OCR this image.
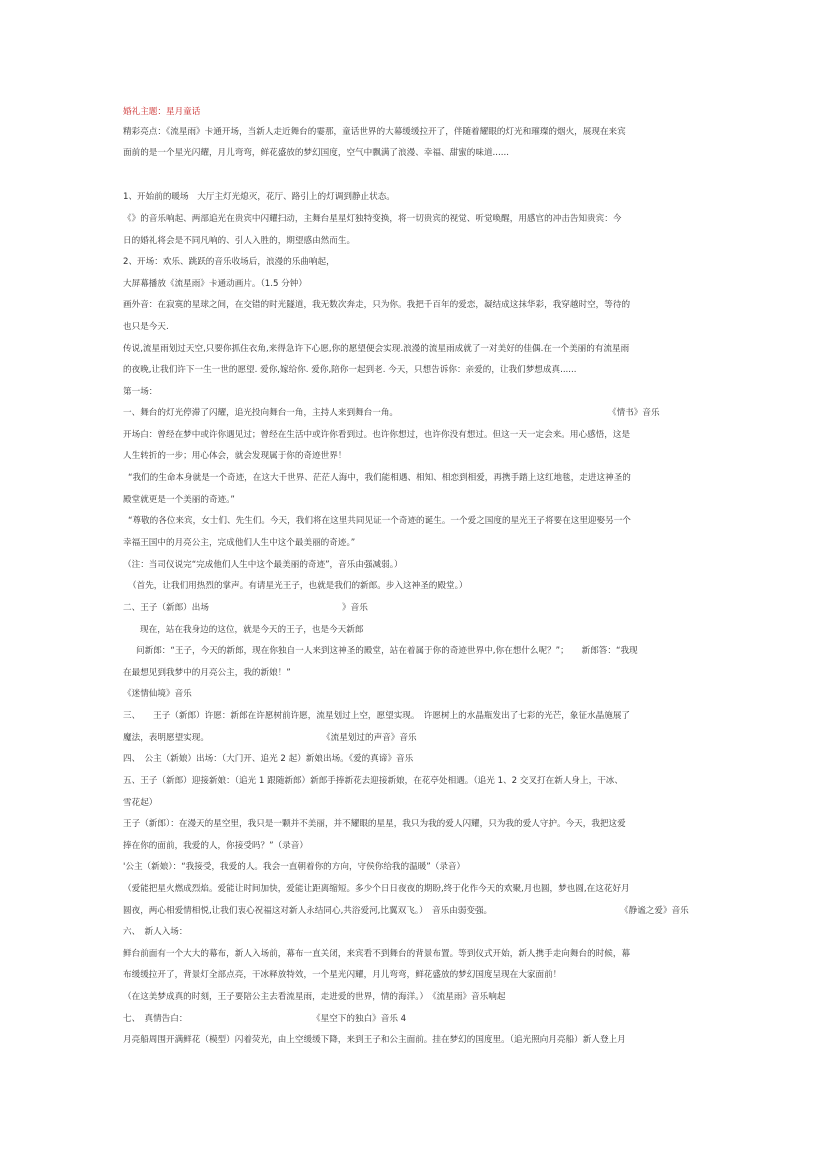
婚礼主题：星月童话
精彩亮点：《流星雨》卡通开场，当新人走近舞台的霎那，童话世界的大幕缓缓拉开了，伴随着耀眼的灯光和璀璨的烟火，展现在来宾
面前的是一个星光闪耀，月儿弯弯，鲜花盛放的梦幻国度，空气中飘满了浪漫、幸福、甜蜜的味道......
1、开始前的暖场　大厅主灯光熄灭，花厅、路引上的灯调到静止状态。
《》的音乐响起、两部追光在贵宾中闪耀扫动，主舞台星星灯独特变换，将一切贵宾的视觉、听觉唤醒，用感官的冲击告知贵宾：今
日的婚礼将会是不同凡响的、引人入胜的，期望感由然而生。
2、开场：欢乐、跳跃的音乐收场后，浪漫的乐曲响起，
大屏幕播放《流星雨》卡通动画片。（1.5 分钟）
画外音：在寂寞的星球之间，在交错的时光隧道，我无数次奔走，只为你。我把千百年的爱恋，凝结成这抹华彩，我穿越时空，等待的
也只是今天.
传说,流星雨划过天空,只要你抓住衣角,来得急许下心愿,你的愿望便会实现.浪漫的流星雨成就了一对美好的佳偶.在一个美丽的有流星雨
的夜晚,让我们许下一生一世的愿望. 爱你,嫁给你. 爱你,陪你一起到老. 今天，只想告诉你：亲爱的，让我们梦想成真......
第一场：
一、舞台的灯光停滞了闪耀，追光投向舞台一角，主持人来到舞台一角。	《情书》音乐
开场白：曾经在梦中或许你遇见过；曾经在生活中或许你看到过。也许你想过，也许你没有想过。但这一天一定会来。用心感悟，这是
人生转折的一步；用心体会，就会发现属于你的奇迹世界！
“我们的生命本身就是一个奇迹，在这大千世界、茫茫人海中，我们能相遇、相知、相恋到相爱，再携手踏上这红地毯，走进这神圣的
殿堂就更是一个美丽的奇迹。”
“尊敬的各位来宾，女士们、先生们。今天，我们将在这里共同见证一个奇迹的诞生。一个爱之国度的星光王子将要在这里迎娶另一个
幸福王国中的月亮公主，完成他们人生中这个最美丽的奇迹。”
（注：当司仪说完“完成他们人生中这个最美丽的奇迹”，音乐由强减弱。）
（首先，让我们用热烈的掌声。有请星光王子，也就是我们的新郎。步入这神圣的殿堂。）
二、王子（新郎）出场	》音乐
现在，站在我身边的这位，就是今天的王子，也是今天新郎
问新郎：“王子，今天的新郎，现在你独自一人来到这神圣的殿堂，站在着属于你的奇迹世界中,你在想什么呢？”；　　新郎答：“我现
在最想见到我梦中的月亮公主，我的新娘！”
《迷情仙境》音乐
三、　　王子（新郎）许愿：新郎在许愿树前许愿，流星划过上空，愿望实现。　许愿树上的水晶瓶发出了七彩的光芒，象征水晶施展了
魔法，表明愿望实现。	《流星划过的声音》音乐
四、　公主（新娘）出场：（大门开、追光 2 起）新娘出场。《爱的真谛》音乐
五、王子（新郎）迎接新娘：（追光 1 跟随新郎）新郎手捧新花去迎接新娘，在花亭处相遇。（追光 1、2 交叉打在新人身上，干冰、
雪花起）
王子（新郎）：在漫天的星空里，我只是一颗并不美丽，并不耀眼的星星，我只为我的爱人闪耀，只为我的爱人守护。今天，我把这爱
捧在你的面前，我爱的人，你接受吗？”（录音）
'公主（新娘）：“我接受，我爱的人。我会一直朝着你的方向，守侯你给我的温暖”（录音）
（爱能把星火燃成烈焰。爱能让时间加快，爱能让距离缩短。多少个日日夜夜的期盼,终于化作今天的欢聚,月也圆，梦也圆,在这花好月
圆夜，两心相爱情相悦,让我们衷心祝福这对新人永结同心,共浴爱河,比翼双飞。）　音乐由弱变强。	《静谧之爱》音乐
六、　新人入场：
鲜台前面有一个大大的幕布，新人入场前，幕布一直关闭，来宾看不到舞台的背景布置。等到仪式开始，新人携手走向舞台的时候，幕
布缓缓拉开了，背景灯全部点亮，干冰释放特效，一个星光闪耀，月儿弯弯，鲜花盛放的梦幻国度呈现在大家面前！
（在这美梦成真的时刻，王子要陪公主去看流星雨，走进爱的世界，情的海洋。）　《流星雨》音乐响起
七、　真情告白：	《星空下的独白》音乐 4
月亮船周围开满鲜花（模型）闪着荧光，由上空缓缓下降，来到王子和公主面前。挂在梦幻的国度里。（追光照向月亮船）新人登上月
